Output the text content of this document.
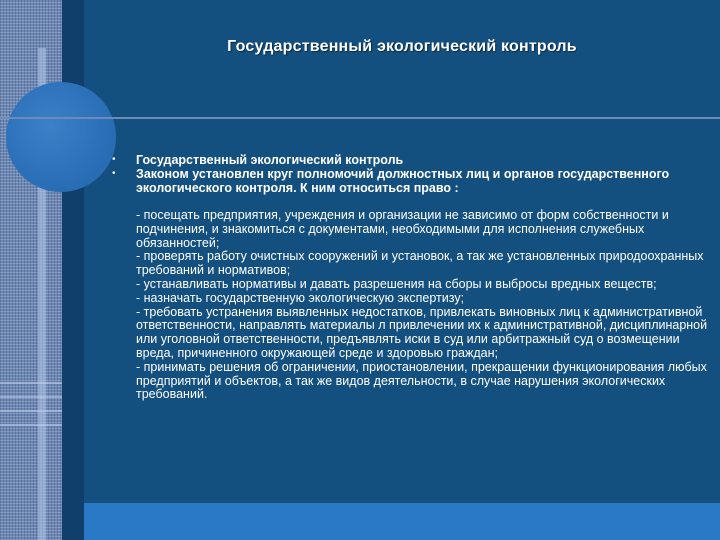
Государственный экологический контроль
•	Государственный экологический контроль
•	Законом установлен круг полномочий должностных лиц и органов государственного экологического контроля. К ним относиться право :
- посещать предприятия, учреждения и организации не зависимо от форм собственности и подчинения, и знакомиться с документами, необходимыми для исполнения служебных обязанностей;
- проверять работу очистных сооружений и установок, а так же установленных природоохранных требований и нормативов;
- устанавливать нормативы и давать разрешения на сборы и выбросы вредных веществ;
- назначать государственную экологическую экспертизу;
- требовать устранения выявленных недостатков, привлекать виновных лиц к административной ответственности, направлять материалы л привлечении их к административной, дисциплинарной или уголовной ответственности, предъявлять иски в суд или арбитражный суд о возмещении вреда, причиненного окружающей среде и здоровью граждан;
- принимать решения об ограничении, приостановлении, прекращении функционирования любых предприятий и объектов, а так же видов деятельности, в случае нарушения экологических требований.
